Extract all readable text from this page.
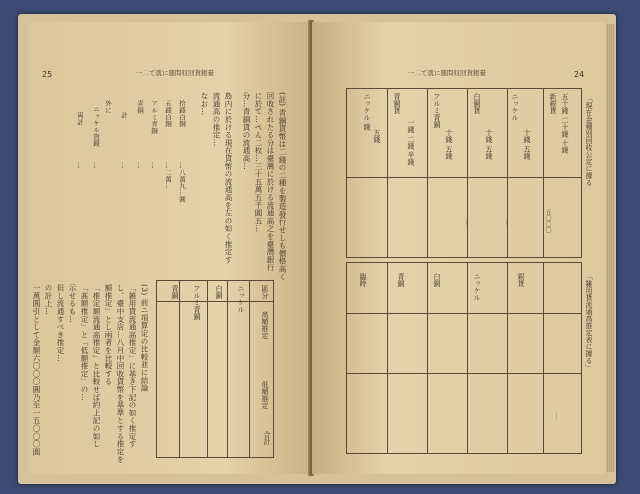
25	一二て就に題問収回貨銀臺
(註) 青銅貨幣は二錢の二種を製造發行せしも價格高く
回收されたる分は臺灣に於ける流通高之を臺灣銀行
に於て…ぺん二枚…三十五萬五千圓五…
分…青銅貨の流通高…
島内に於ける現在貨幣の流通高を左の如く推定す
流通高の推定…
なお…
拾錢白銅
…八萬九…圓
五錢白銅
…二萬…
アルミ青銅
…
青銅
…
計
…
外に
ニッケル貨錢
…
両計
…
區分
髙額推定
低額推定
ニッケル
白銅
アルミ青銅
青銅
合計
(3) 前ニ項算定の比較並に結論
「雑用貨流通高推定」に基き下記の如く推定す
し、臺中支店…八月中回收貨幣を基準とする推定を
額推定」とし兩者を比較する
「推定額流通高推定」と比較せば約上記の如し
「髙額推定」と「低額推定」の…
示せるも…
但し流通すべき推定…
の計上…
一萬圓引として金額六〇〇〇圓乃至一五〇〇〇圓
一二て就に題問収回貨銀臺	24
「現在金種別回收公定に據る
新銀貨 五十錢 二十錢 十錢
ニッケル
十錢 五錢
白銅貨
十錢 五錢
アルミ青銅
十錢 五錢
青銅貨
一錢 二錢 半錢
ニッケル 錢
五錢
五〇〇〇
…
…
「雑用貨流通高推定表に據る」
銀貨
ニッケル
白銅
青銅
臨時
…
